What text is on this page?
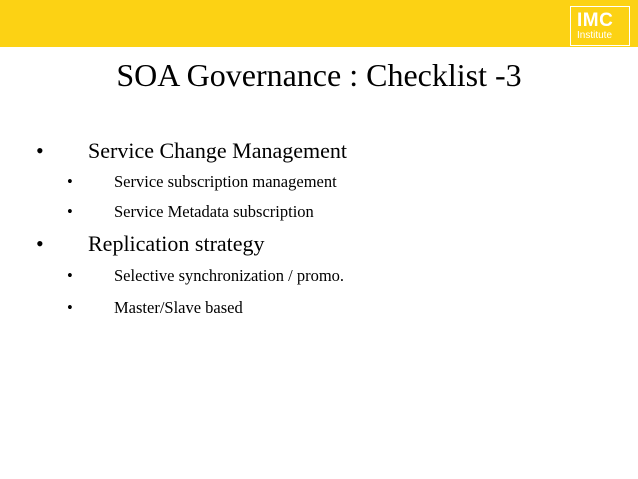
IMC
Institute
SOA Governance : Checklist -3
• Service Change Management
• Service subscription management
• Service Metadata subscription
• Replication strategy
• Selective synchronization / promo.
• Master/Slave based
